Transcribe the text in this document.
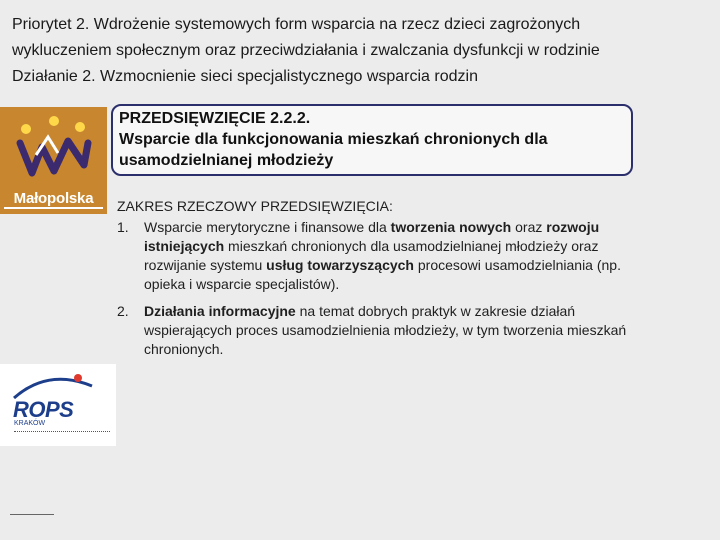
Priorytet 2. Wdrożenie systemowych form wsparcia na rzecz dzieci zagrożonych
wykluczeniem społecznym oraz przeciwdziałania i zwalczania dysfunkcji w rodzinie
Działanie 2. Wzmocnienie sieci specjalistycznego wsparcia rodzin
Małopolska
PRZEDSIĘWZIĘCIE 2.2.2.
Wsparcie dla funkcjonowania mieszkań chronionych dla
usamodzielnianej młodzieży
ZAKRES RZECZOWY PRZEDSIĘWZIĘCIA:
1. Wsparcie merytoryczne i finansowe dla tworzenia nowych oraz rozwoju istniejących mieszkań chronionych dla usamodzielnianej młodzieży oraz rozwijanie systemu usług towarzyszących procesowi usamodzielniania (np. opieka i wsparcie specjalistów).
2. Działania informacyjne na temat dobrych praktyk w zakresie działań wspierających proces usamodzielnienia młodzieży, w tym tworzenia mieszkań chronionych.
ROPS
KRAKÓW
